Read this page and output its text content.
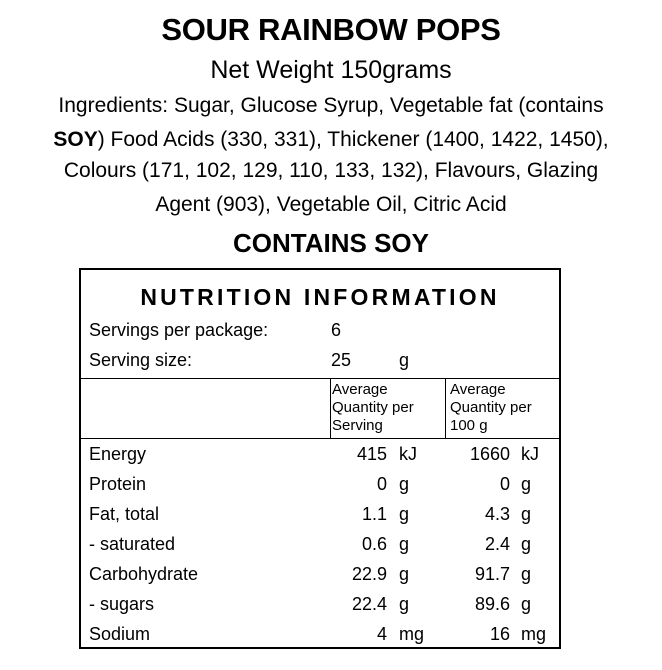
SOUR RAINBOW POPS
Net Weight 150grams
Ingredients: Sugar, Glucose Syrup, Vegetable fat (contains
SOY) Food Acids (330, 331), Thickener (1400, 1422, 1450),
Colours (171, 102, 129, 110, 133, 132), Flavours, Glazing
Agent (903), Vegetable Oil, Citric Acid
CONTAINS SOY
NUTRITION INFORMATION
Servings per package:	6
Serving size:	25	g
Average
Quantity per
Serving
Average
Quantity per
100 g
Energy	415 kJ	1660 kJ
Protein	0 g	0 g
Fat, total	1.1 g	4.3 g
- saturated	0.6 g	2.4 g
Carbohydrate	22.9 g	91.7 g
- sugars	22.4 g	89.6 g
Sodium	4 mg	16 mg
